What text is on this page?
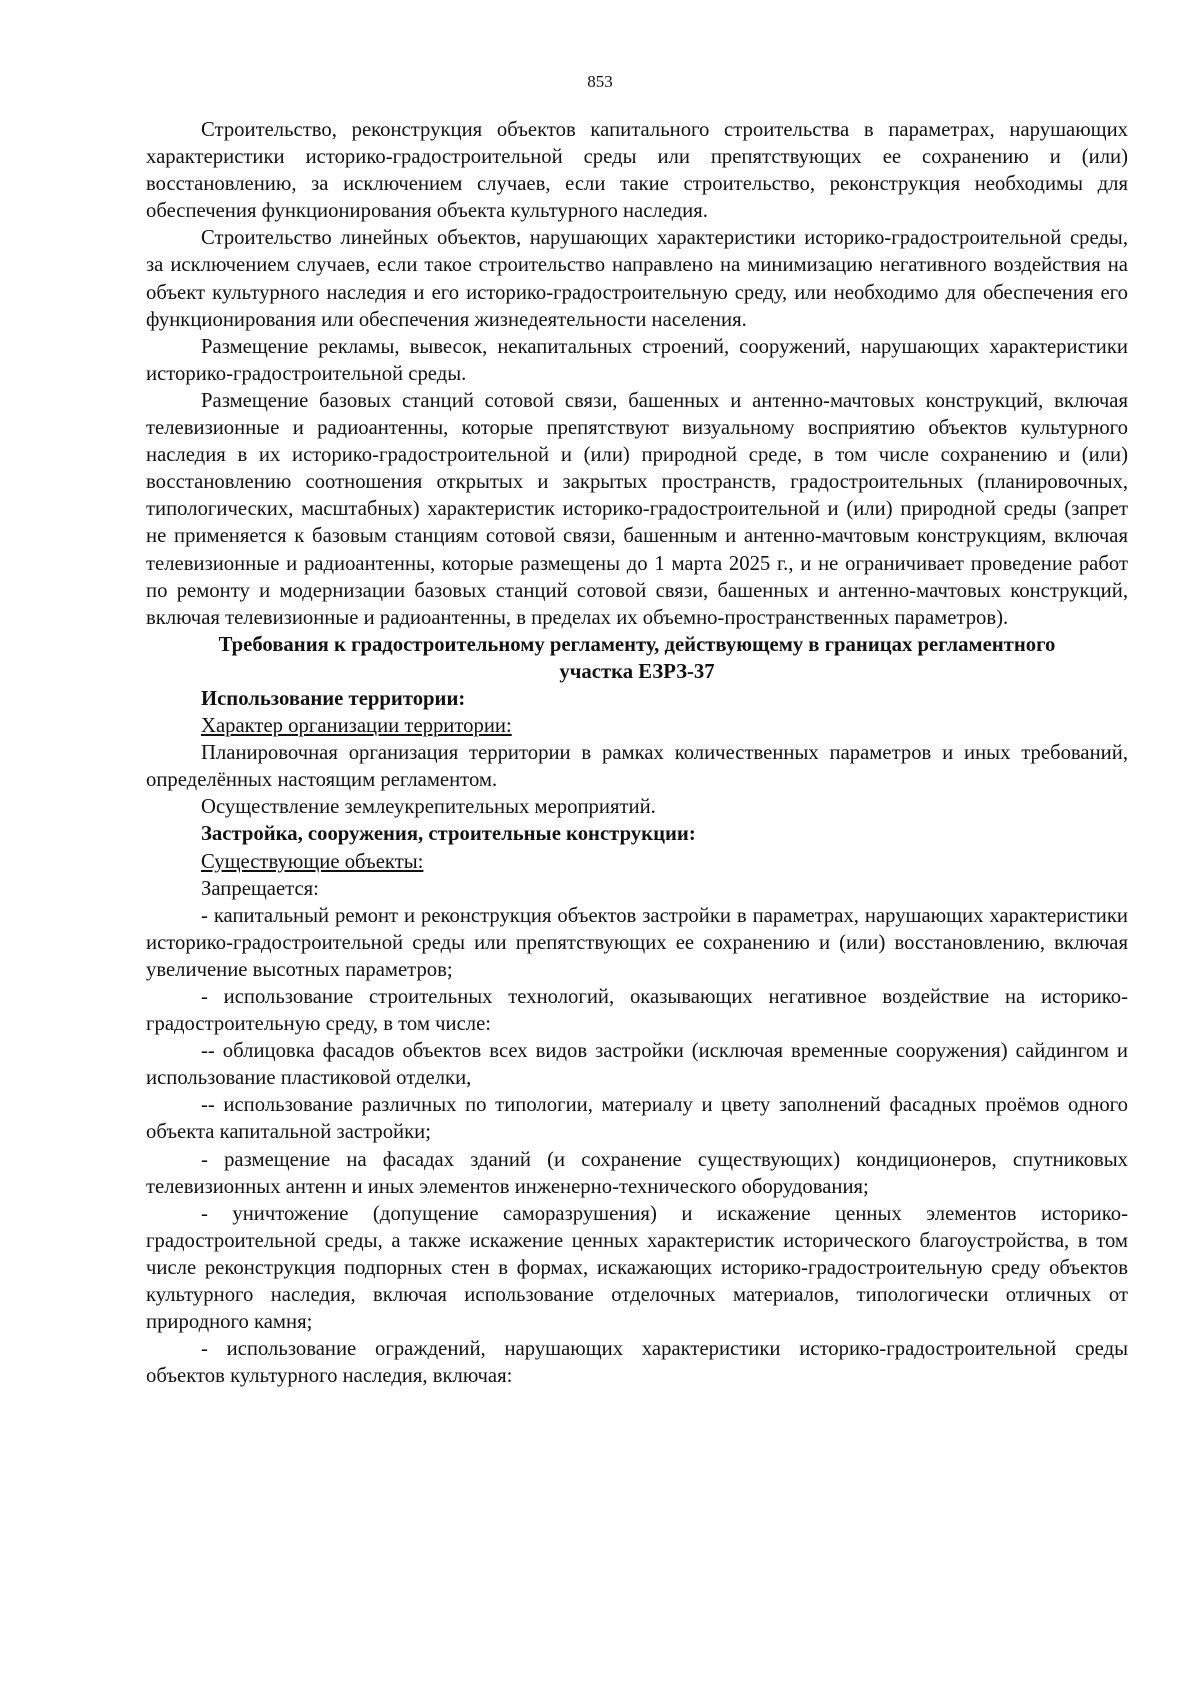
853

Строительство, реконструкция объектов капитального строительства в параметрах, нарушающих характеристики историко-градостроительной среды или препятствующих ее сохранению и (или) восстановлению, за исключением случаев, если такие строительство, реконструкция необходимы для обеспечения функционирования объекта культурного наследия.

Строительство линейных объектов, нарушающих характеристики историко-градостроительной среды, за исключением случаев, если такое строительство направлено на минимизацию негативного воздействия на объект культурного наследия и его историко-градостроительную среду, или необходимо для обеспечения его функционирования или обеспечения жизнедеятельности населения.

Размещение рекламы, вывесок, некапитальных строений, сооружений, нарушающих характеристики историко-градостроительной среды.

Размещение базовых станций сотовой связи, башенных и антенно-мачтовых конструкций, включая телевизионные и радиоантенны, которые препятствуют визуальному восприятию объектов культурного наследия в их историко-градостроительной и (или) природной среде, в том числе сохранению и (или) восстановлению соотношения открытых и закрытых пространств, градостроительных (планировочных, типологических, масштабных) характеристик историко-градостроительной и (или) природной среды (запрет не применяется к базовым станциям сотовой связи, башенным и антенно-мачтовым конструкциям, включая телевизионные и радиоантенны, которые размещены до 1 марта 2025 г., и не ограничивает проведение работ по ремонту и модернизации базовых станций сотовой связи, башенных и антенно-мачтовых конструкций, включая телевизионные и радиоантенны, в пределах их объемно-пространственных параметров).

Требования к градостроительному регламенту, действующему в границах регламентного участка ЕЗРЗ-37

Использование территории:

Характер организации территории:

Планировочная организация территории в рамках количественных параметров и иных требований, определённых настоящим регламентом.

Осуществление землеукрепительных мероприятий.

Застройка, сооружения, строительные конструкции:

Существующие объекты:

Запрещается:

- капитальный ремонт и реконструкция объектов застройки в параметрах, нарушающих характеристики историко-градостроительной среды или препятствующих ее сохранению и (или) восстановлению, включая увеличение высотных параметров;

- использование строительных технологий, оказывающих негативное воздействие на историко-градостроительную среду, в том числе:

-- облицовка фасадов объектов всех видов застройки (исключая временные сооружения) сайдингом и использование пластиковой отделки,

-- использование различных по типологии, материалу и цвету заполнений фасадных проёмов одного объекта капитальной застройки;

- размещение на фасадах зданий (и сохранение существующих) кондиционеров, спутниковых телевизионных антенн и иных элементов инженерно-технического оборудования;

- уничтожение (допущение саморазрушения) и искажение ценных элементов историко-градостроительной среды, а также искажение ценных характеристик исторического благоустройства, в том числе реконструкция подпорных стен в формах, искажающих историко-градостроительную среду объектов культурного наследия, включая использование отделочных материалов, типологически отличных от природного камня;

- использование ограждений, нарушающих характеристики историко-градостроительной среды объектов культурного наследия, включая:
